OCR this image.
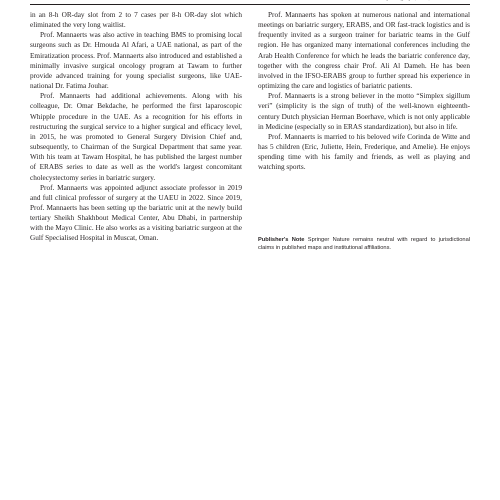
in an 8-h OR-day slot from 2 to 7 cases per 8-h OR-day slot which eliminated the very long waitlist.

Prof. Mannaerts was also active in teaching BMS to promising local surgeons such as Dr. Hmouda Al Afari, a UAE national, as part of the Emiratization process. Prof. Mannaerts also introduced and established a minimally invasive surgical oncology program at Tawam to further provide advanced training for young specialist surgeons, like UAE-national Dr. Fatima Jouhar.

Prof. Mannaerts had additional achievements. Along with his colleague, Dr. Omar Bekdache, he performed the first laparoscopic Whipple procedure in the UAE. As a recognition for his efforts in restructuring the surgical service to a higher surgical and efficacy level, in 2015, he was promoted to General Surgery Division Chief and, subsequently, to Chairman of the Surgical Department that same year. With his team at Tawam Hospital, he has published the largest number of ERABS series to date as well as the world's largest concomitant cholecystectomy series in bariatric surgery.

Prof. Mannaerts was appointed adjunct associate professor in 2019 and full clinical professor of surgery at the UAEU in 2022. Since 2019, Prof. Mannaerts has been setting up the bariatric unit at the newly build tertiary Sheikh Shakhbout Medical Center, Abu Dhabi, in partnership with the Mayo Clinic. He also works as a visiting bariatric surgeon at the Gulf Specialised Hospital in Muscat, Oman.

Prof. Mannaerts has spoken at numerous national and international meetings on bariatric surgery, ERABS, and OR fast-track logistics and is frequently invited as a surgeon trainer for bariatric teams in the Gulf region. He has organized many international conferences including the Arab Health Conference for which he leads the bariatric conference day, together with the congress chair Prof. Ali Al Dameh. He has been involved in the IFSO-ERABS group to further spread his experience in optimizing the care and logistics of bariatric patients.

Prof. Mannaerts is a strong believer in the motto “Simplex sigillum veri” (simplicity is the sign of truth) of the well-known eighteenth-century Dutch physician Herman Boerhave, which is not only applicable in Medicine (especially so in ERAS standardization), but also in life.

Prof. Mannaerts is married to his beloved wife Corinda de Witte and has 5 children (Eric, Juliette, Hein, Frederique, and Amelie). He enjoys spending time with his family and friends, as well as playing and watching sports.

Publisher's Note Springer Nature remains neutral with regard to jurisdictional claims in published maps and institutional affiliations.
